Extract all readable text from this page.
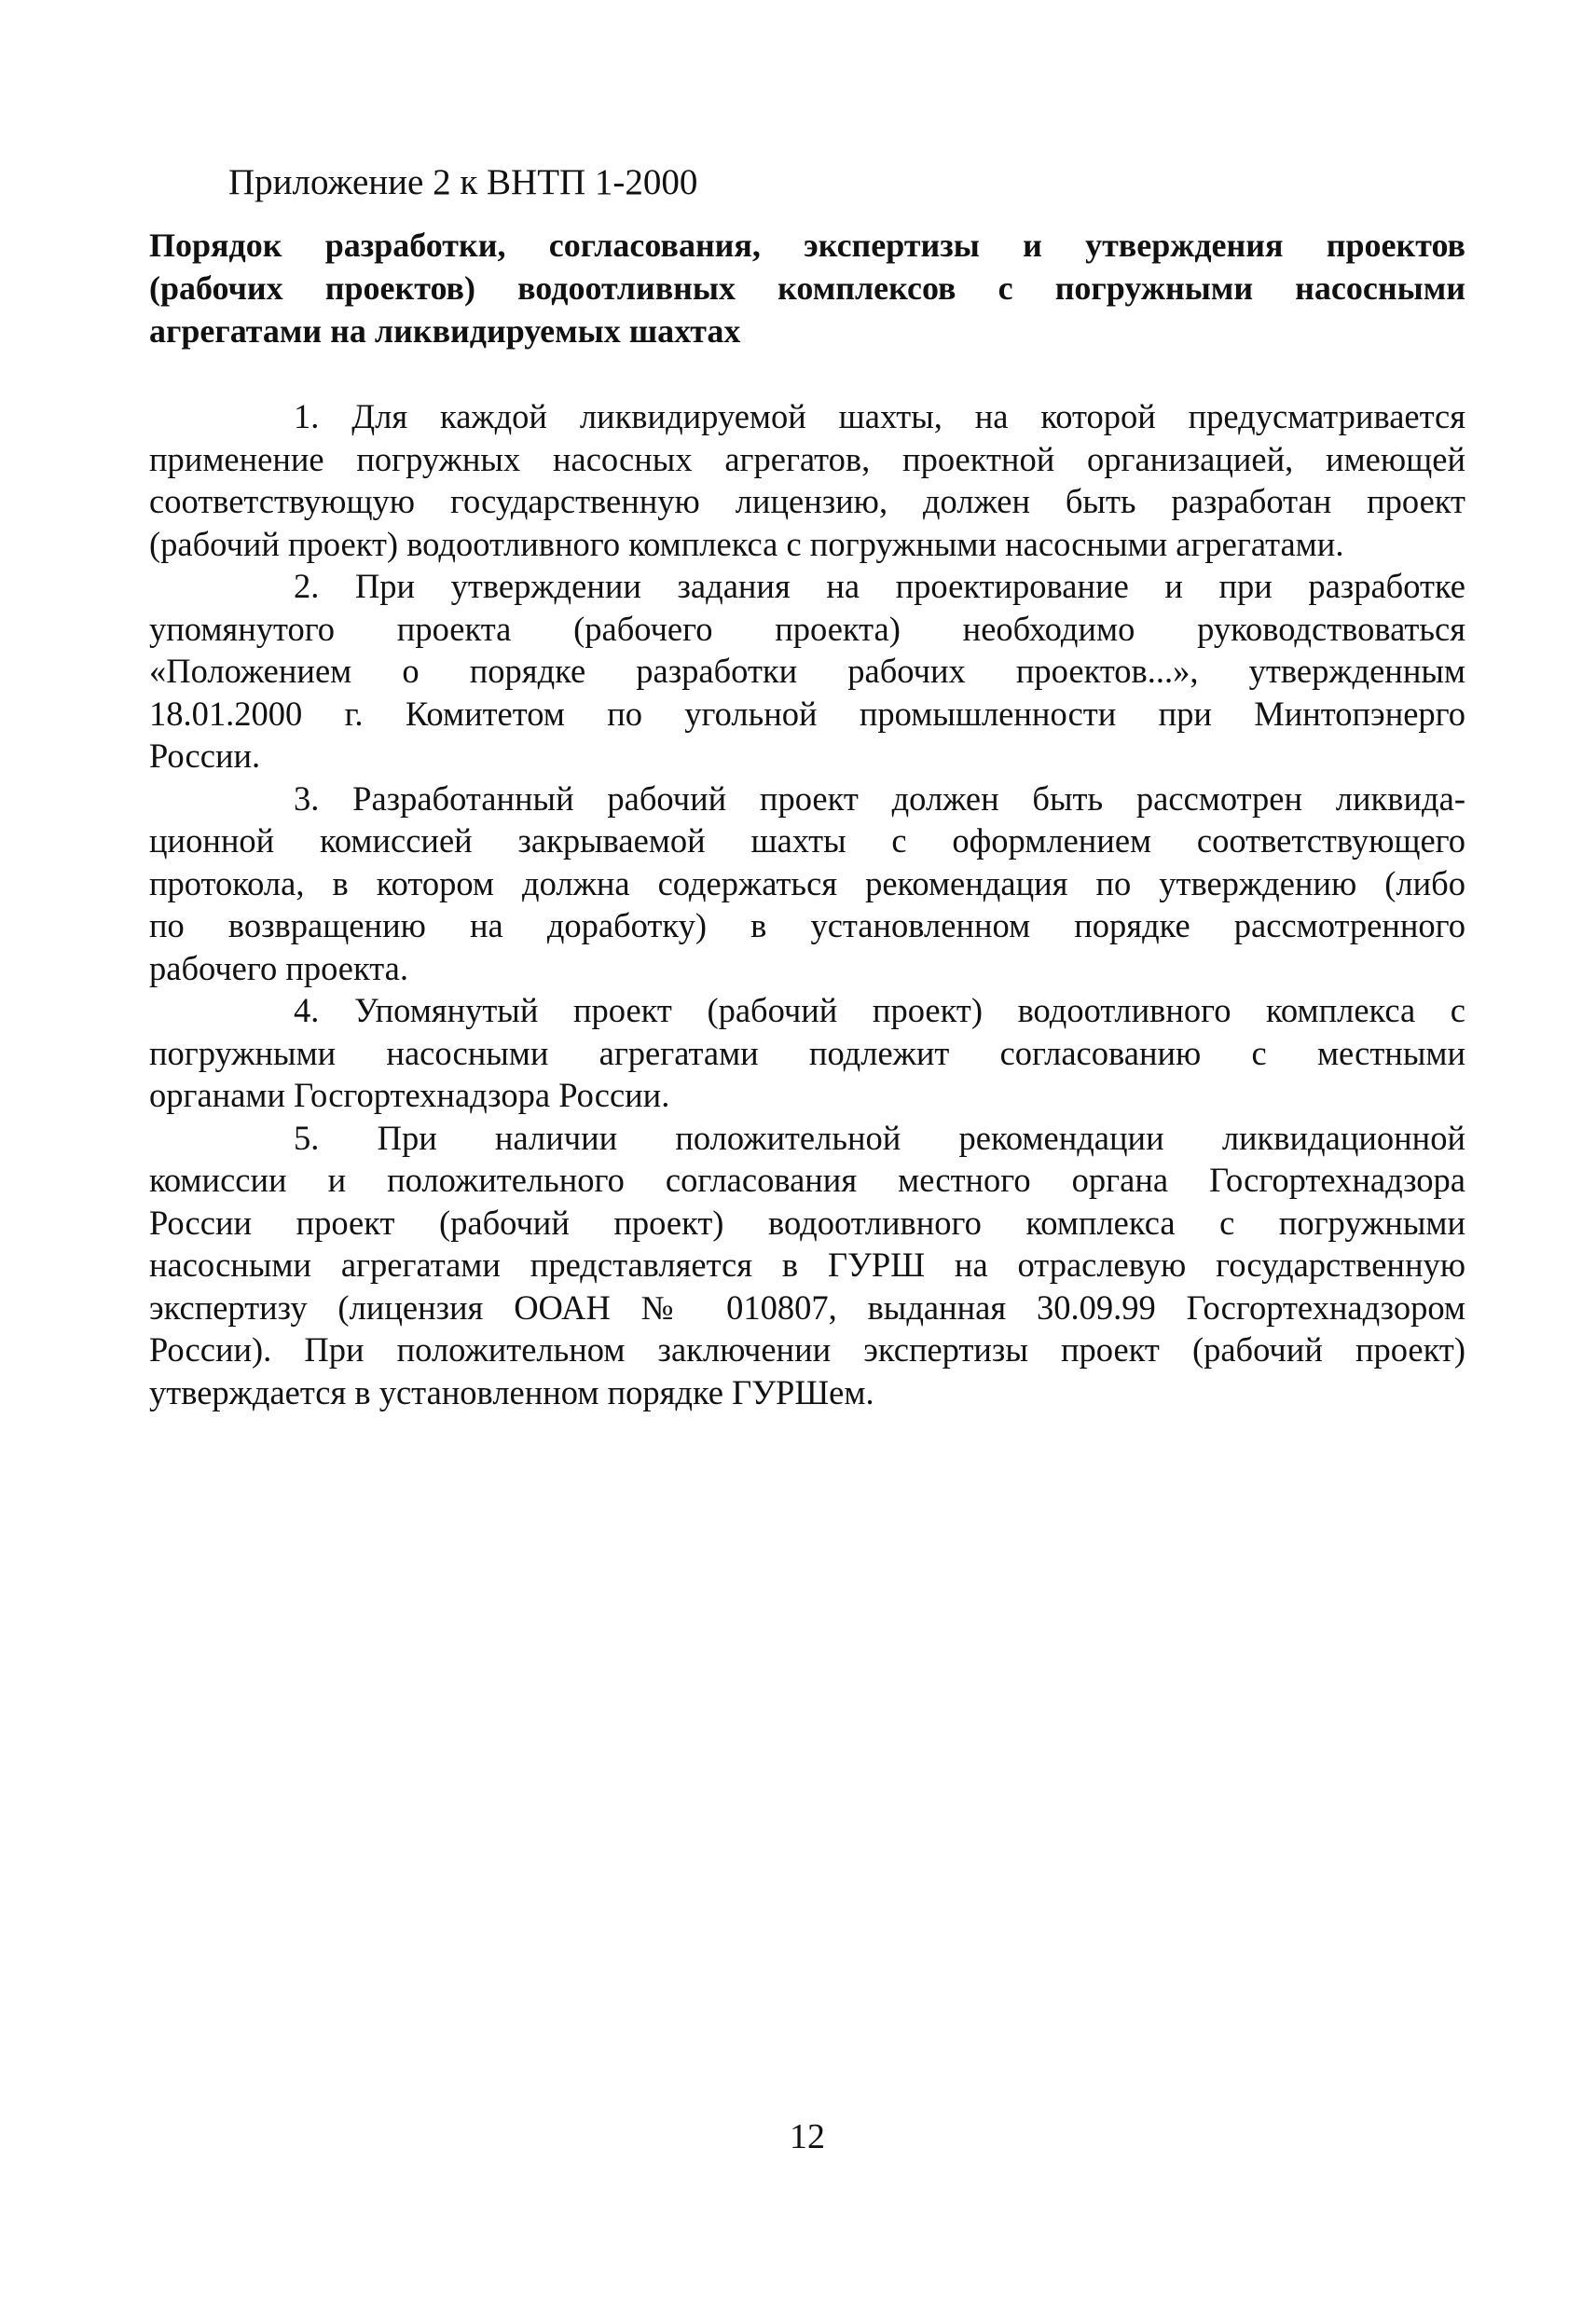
Приложение 2 к ВНТП 1-2000
Порядок разработки, согласования, экспертизы и утверждения проектов
(рабочих проектов) водоотливных комплексов с погружными насосными
агрегатами на ликвидируемых шахтах
1. Для каждой ликвидируемой шахты, на которой предусматривается
применение погружных насосных агрегатов, проектной организацией, имеющей
соответствующую государственную лицензию, должен быть разработан проект
(рабочий проект) водоотливного комплекса с погружными насосными агрегатами.
2. При утверждении задания на проектирование и при разработке
упомянутого проекта (рабочего проекта) необходимо руководствоваться
«Положением о порядке разработки рабочих проектов...», утвержденным
18.01.2000 г. Комитетом по угольной промышленности при Минтопэнерго
России.
3. Разработанный рабочий проект должен быть рассмотрен ликвида-
ционной комиссией закрываемой шахты с оформлением соответствующего
протокола, в котором должна содержаться рекомендация по утверждению (либо
по возвращению на доработку) в установленном порядке рассмотренного
рабочего проекта.
4. Упомянутый проект (рабочий проект) водоотливного комплекса с
погружными насосными агрегатами подлежит согласованию с местными
органами Госгортехнадзора России.
5. При наличии положительной рекомендации ликвидационной
комиссии и положительного согласования местного органа Госгортехнадзора
России проект (рабочий проект) водоотливного комплекса с погружными
насосными агрегатами представляется в ГУРШ на отраслевую государственную
экспертизу (лицензия ООАН № 010807, выданная 30.09.99 Госгортехнадзором
России). При положительном заключении экспертизы проект (рабочий проект)
утверждается в установленном порядке ГУРШем.
12
